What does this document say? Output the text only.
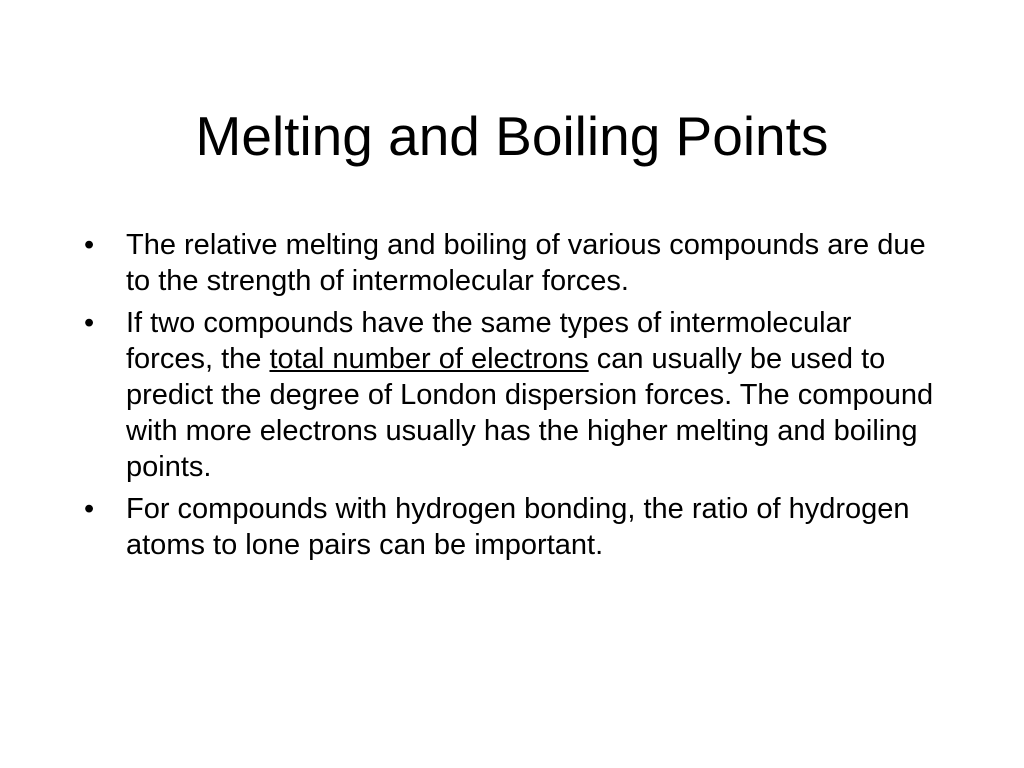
Melting and Boiling Points
•	The relative melting and boiling of various compounds are due to the strength of intermolecular forces.
•	If two compounds have the same types of intermolecular forces, the total number of electrons can usually be used to predict the degree of London dispersion forces. The compound with more electrons usually has the higher melting and boiling points.
•	For compounds with hydrogen bonding, the ratio of hydrogen atoms to lone pairs can be important.
